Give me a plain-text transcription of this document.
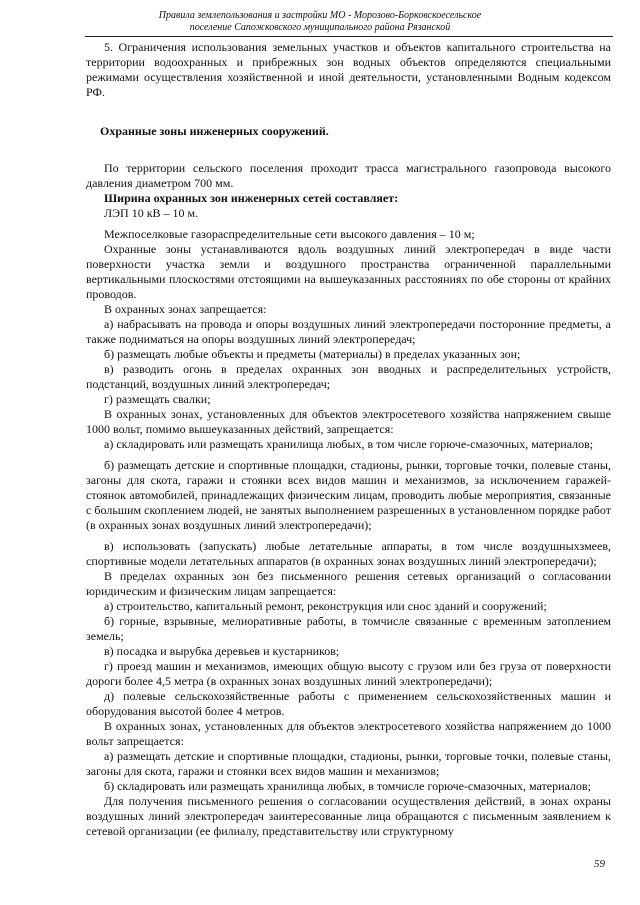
Правила землепользования и застройки МО - Морозово-Борковскоесельское
поселение Сапожковского муниципального района Рязанской

5. Ограничения использования земельных участков и объектов капитального строительства на территории водоохранных и прибрежных зон водных объектов определяются специальными режимами осуществления хозяйственной и иной деятельности, установленными Водным кодексом РФ.

Охранные зоны инженерных сооружений.

По территории сельского поселения проходит трасса магистрального газопровода высокого давления диаметром 700 мм.

Ширина охранных зон инженерных сетей составляет:

ЛЭП 10 кВ – 10 м.

Межпоселковые газораспределительные сети высокого давления – 10 м;

Охранные зоны устанавливаются вдоль воздушных линий электропередач в виде части поверхности участка земли и воздушного пространства ограниченной параллельными вертикальными плоскостями отстоящими на вышеуказанных расстояниях по обе стороны от крайних проводов.

В охранных зонах запрещается:

а) набрасывать на провода и опоры воздушных линий электропередачи посторонние предметы, а также подниматься на опоры воздушных линий электропередач;

б) размещать любые объекты и предметы (материалы) в пределах указанных зон;

в) разводить огонь в пределах охранных зон вводных и распределительных устройств, подстанций, воздушных линий электропередач;

г) размещать свалки;

В охранных зонах, установленных для объектов электросетевого хозяйства напряжением свыше 1000 вольт, помимо вышеуказанных действий, запрещается:

а) складировать или размещать хранилища любых, в том числе горюче-смазочных, материалов;

б) размещать детские и спортивные площадки, стадионы, рынки, торговые точки, полевые станы, загоны для скота, гаражи и стоянки всех видов машин и механизмов, за исключением гаражей-стоянок автомобилей, принадлежащих физическим лицам, проводить любые мероприятия, связанные с большим скоплением людей, не занятых выполнением разрешенных в установленном порядке работ (в охранных зонах воздушных линий электропередачи);

в) использовать (запускать) любые летательные аппараты, в том числе воздушныхзмеев, спортивные модели летательных аппаратов (в охранных зонах воздушных линий электропередачи);

В пределах охранных зон без письменного решения сетевых организаций о согласовании юридическим и физическим лицам запрещается:

а) строительство, капитальный ремонт, реконструкция или снос зданий и сооружений;

б) горные, взрывные, мелиоративные работы, в томчисле связанные с временным затоплением земель;

в) посадка и вырубка деревьев и кустарников;

г) проезд машин и механизмов, имеющих общую высоту с грузом или без груза от поверхности дороги более 4,5 метра (в охранных зонах воздушных линий электропередачи);

д) полевые сельскохозяйственные работы с применением сельскохозяйственных машин и оборудования высотой более 4 метров.

В охранных зонах, установленных для объектов электросетевого хозяйства напряжением до 1000 вольт запрещается:

а) размещать детские и спортивные площадки, стадионы, рынки, торговые точки, полевые станы, загоны для скота, гаражи и стоянки всех видов машин и механизмов;

б) складировать или размещать хранилища любых, в томчисле горюче-смазочных, материалов;

Для получения письменного решения о согласовании осуществления действий, в зонах охраны воздушных линий электропередач заинтересованные лица обращаются с письменным заявлением к сетевой организации (ее филиалу, представительству или структурному

59
